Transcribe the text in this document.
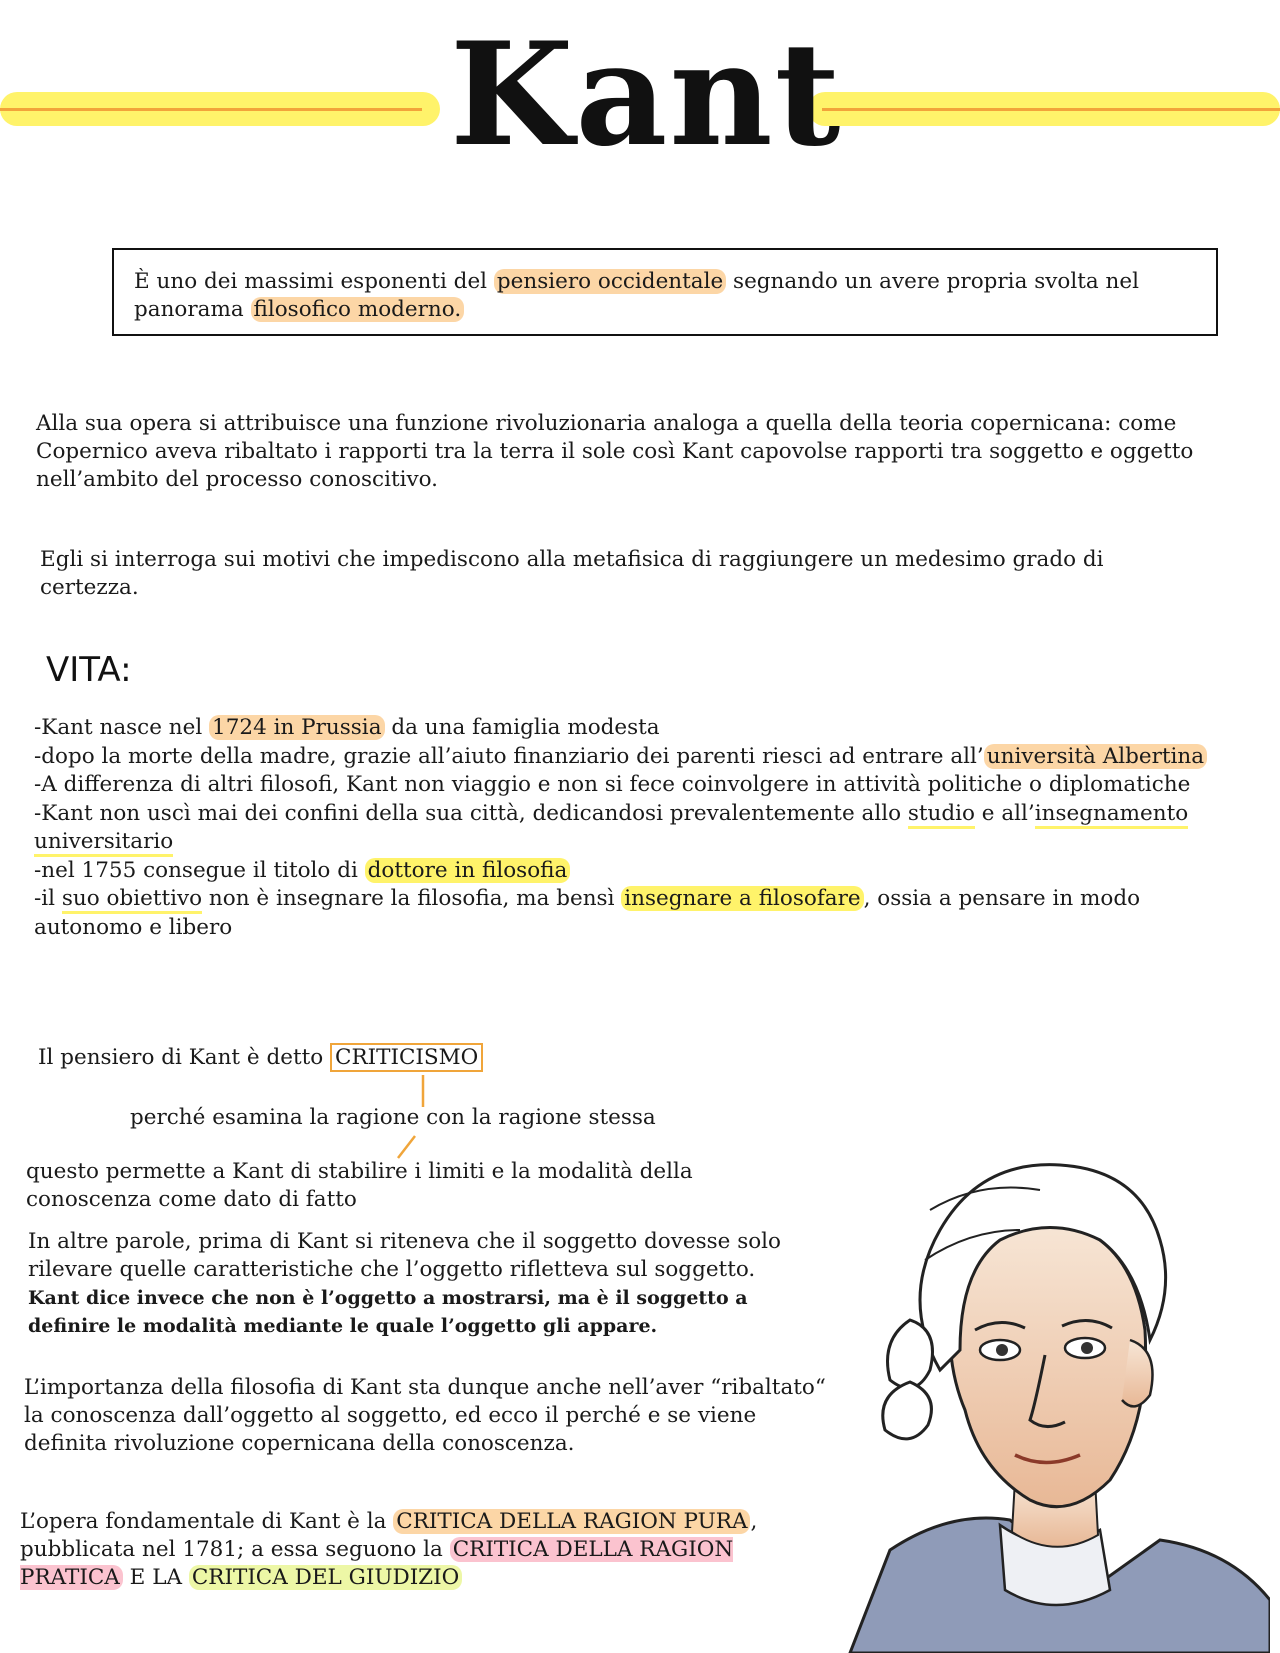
Kant
È uno dei massimi esponenti del pensiero occidentale segnando un avere propria svolta nel panorama filosofico moderno.
Alla sua opera si attribuisce una funzione rivoluzionaria analoga a quella della teoria copernicana: come Copernico aveva ribaltato i rapporti tra la terra il sole così Kant capovolse rapporti tra soggetto e oggetto nell’ambito del processo conoscitivo.
Egli si interroga sui motivi che impediscono alla metafisica di raggiungere un medesimo grado di certezza.
VITA:
-Kant nasce nel 1724 in Prussia da una famiglia modesta
-dopo la morte della madre, grazie all’aiuto finanziario dei parenti riesci ad entrare all’ università Albertina
-A differenza di altri filosofi, Kant non viaggio e non si fece coinvolgere in attività politiche o diplomatiche
-Kant non uscì mai dei confini della sua città, dedicandosi prevalentemente allo studio e all’insegnamento universitario
-nel 1755 consegue il titolo di dottore in filosofia
-il suo obiettivo non è insegnare la filosofia, ma bensì insegnare a filosofare , ossia a pensare in modo autonomo e libero
Il pensiero di Kant è detto CRITICISMO
perché esamina la ragione con la ragione stessa
questo permette a Kant di stabilire i limiti e la modalità della conoscenza come dato di fatto
In altre parole, prima di Kant si riteneva che il soggetto dovesse solo rilevare quelle caratteristiche che l’oggetto rifletteva sul soggetto. Kant dice invece che non è l’oggetto a mostrarsi, ma è il soggetto a definire le modalità mediante le quale l’oggetto gli appare.
L’importanza della filosofia di Kant sta dunque anche nell’aver “ribaltato“ la conoscenza dall’oggetto al soggetto, ed ecco il perché e se viene definita rivoluzione copernicana della conoscenza.
L’opera fondamentale di Kant è la CRITICA DELLA RAGION PURA , pubblicata nel 1781; a essa seguono la CRITICA DELLA RAGION PRATICA E LA CRITICA DEL GIUDIZIO
